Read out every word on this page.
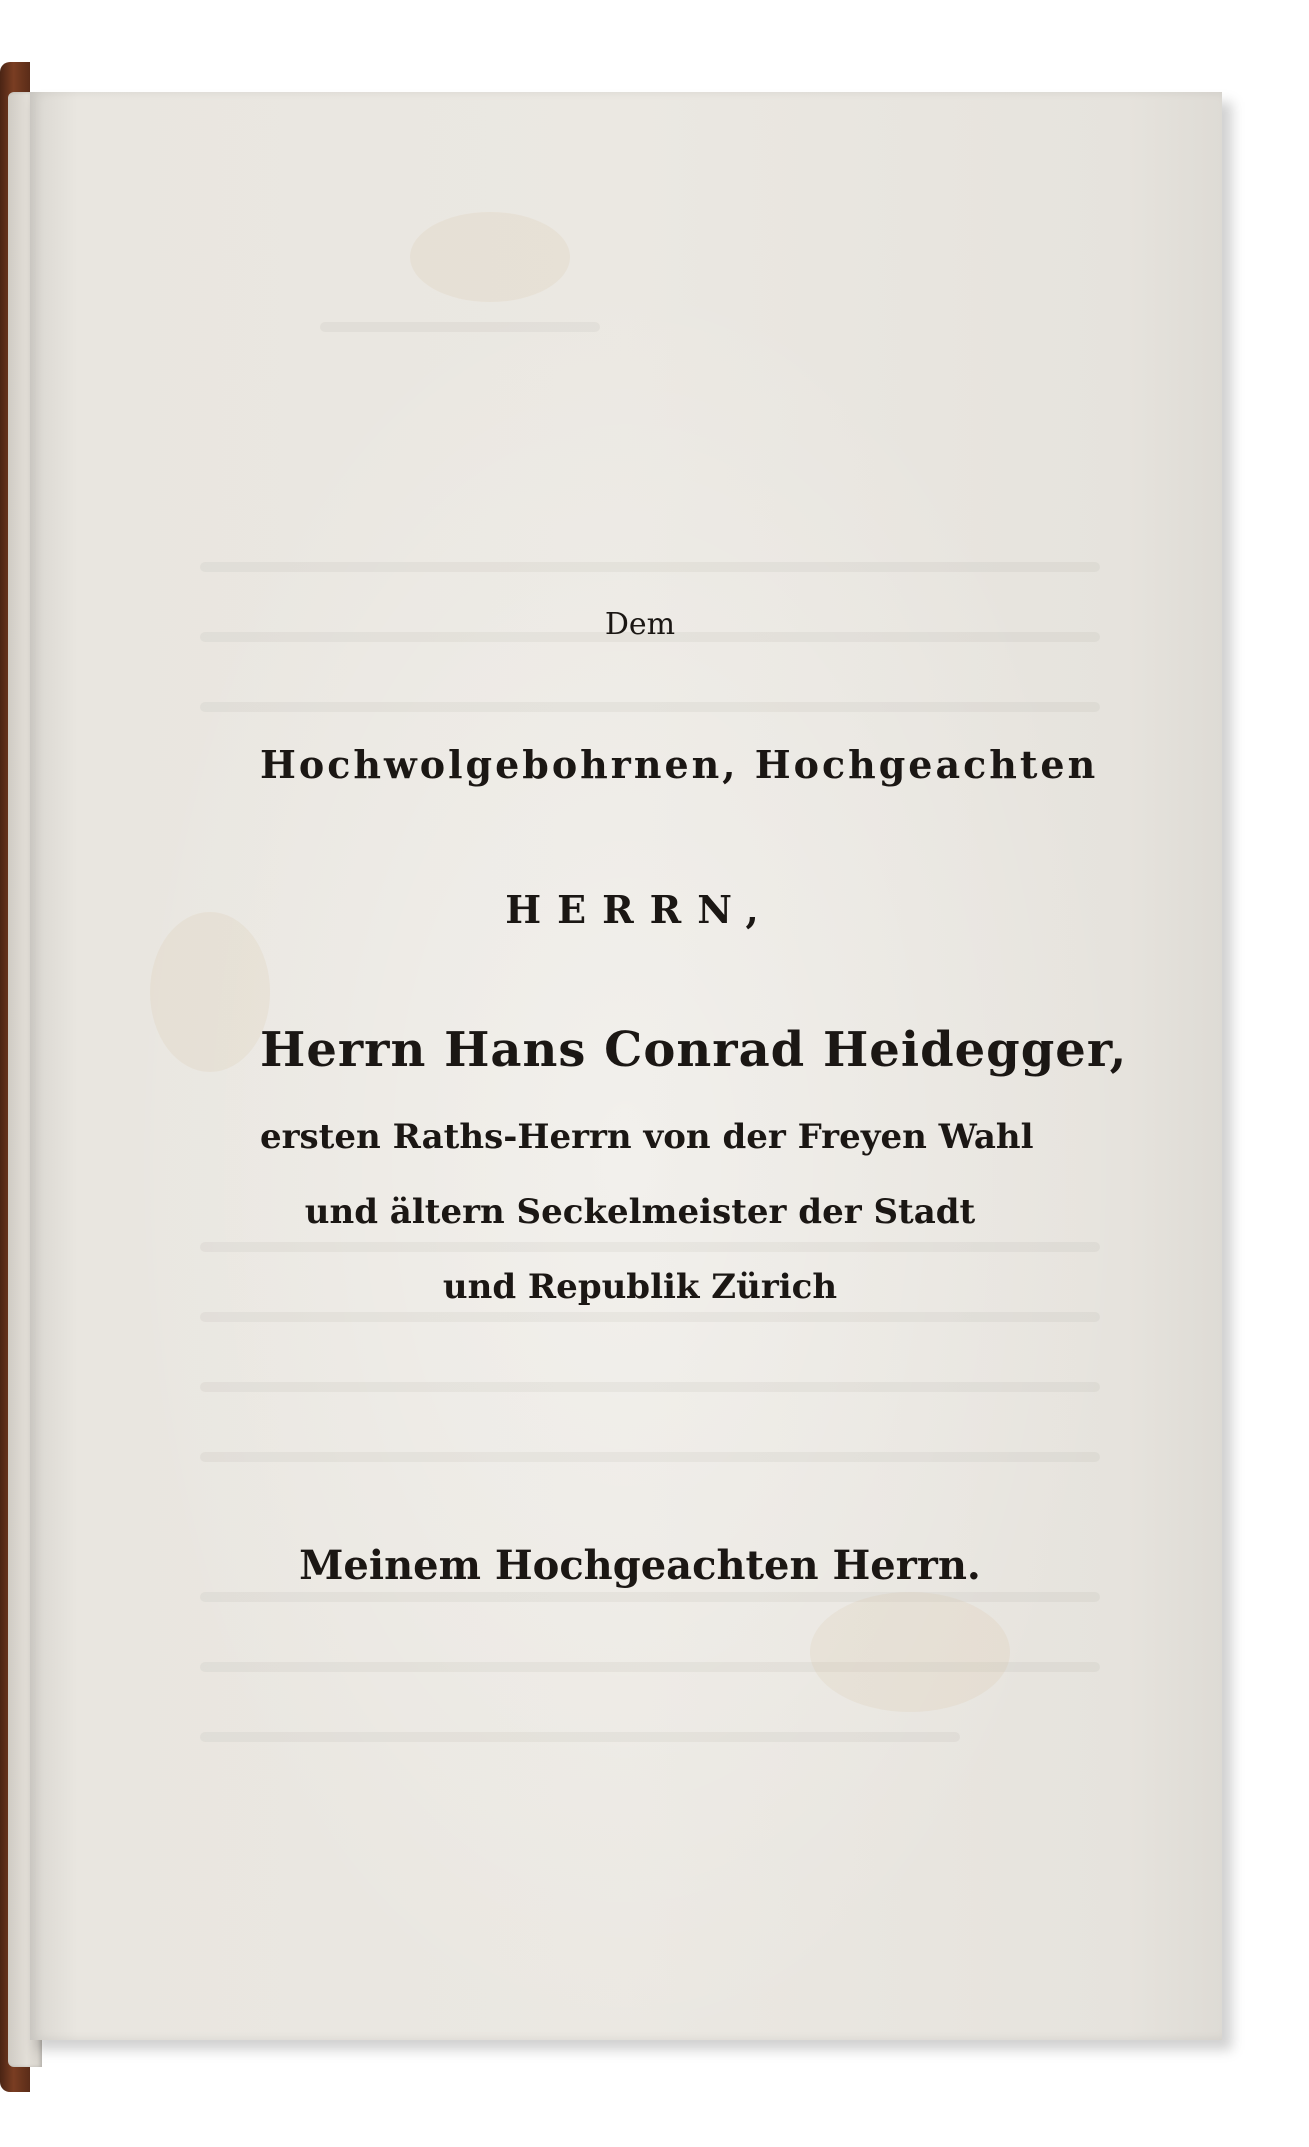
Dem

Hochwolgebohrnen, Hochgeachten

HERRN,

Herrn Hans Conrad Heidegger,

ersten Raths-Herrn von der Freyen Wahl

und ältern Seckelmeister der Stadt

und Republik Zürich

Meinem Hochgeachten Herrn.
